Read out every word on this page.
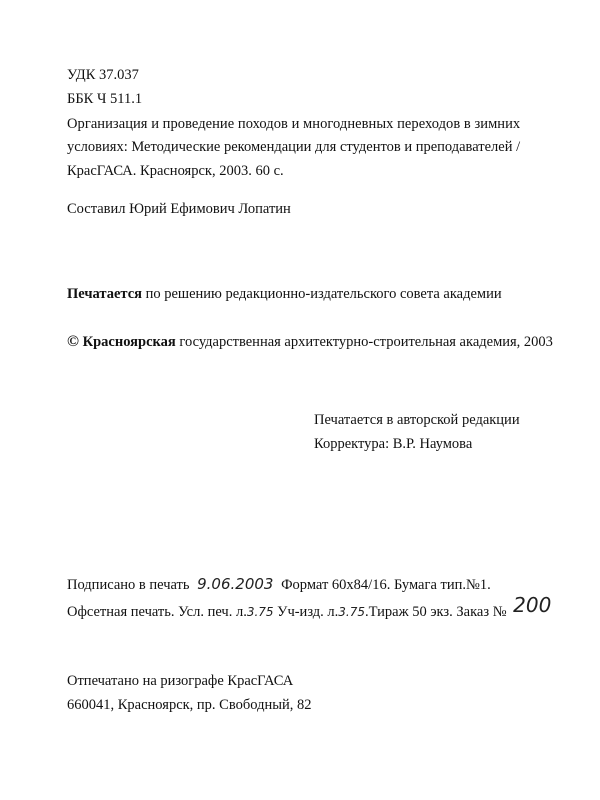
УДК 37.037
ББК Ч 511.1
Организация и проведение походов и многодневных переходов в зимних
условиях: Методические рекомендации для студентов и преподавателей /
КрасГАСА. Красноярск, 2003. 60 с.
Составил Юрий Ефимович Лопатин
Печатается по решению редакционно-издательского совета академии
© Красноярская государственная архитектурно-строительная академия, 2003
Печатается в авторской редакции
Корректура: В.Р. Наумова
Подписано в печать 9.06.2003 Формат 60x84/16. Бумага тип.№1.
Офсетная печать. Усл. печ. л.3.75 Уч-изд. л.3.75.Тираж 50 экз. Заказ № 200
Отпечатано на ризографе КрасГАСА
660041, Красноярск, пр. Свободный, 82
